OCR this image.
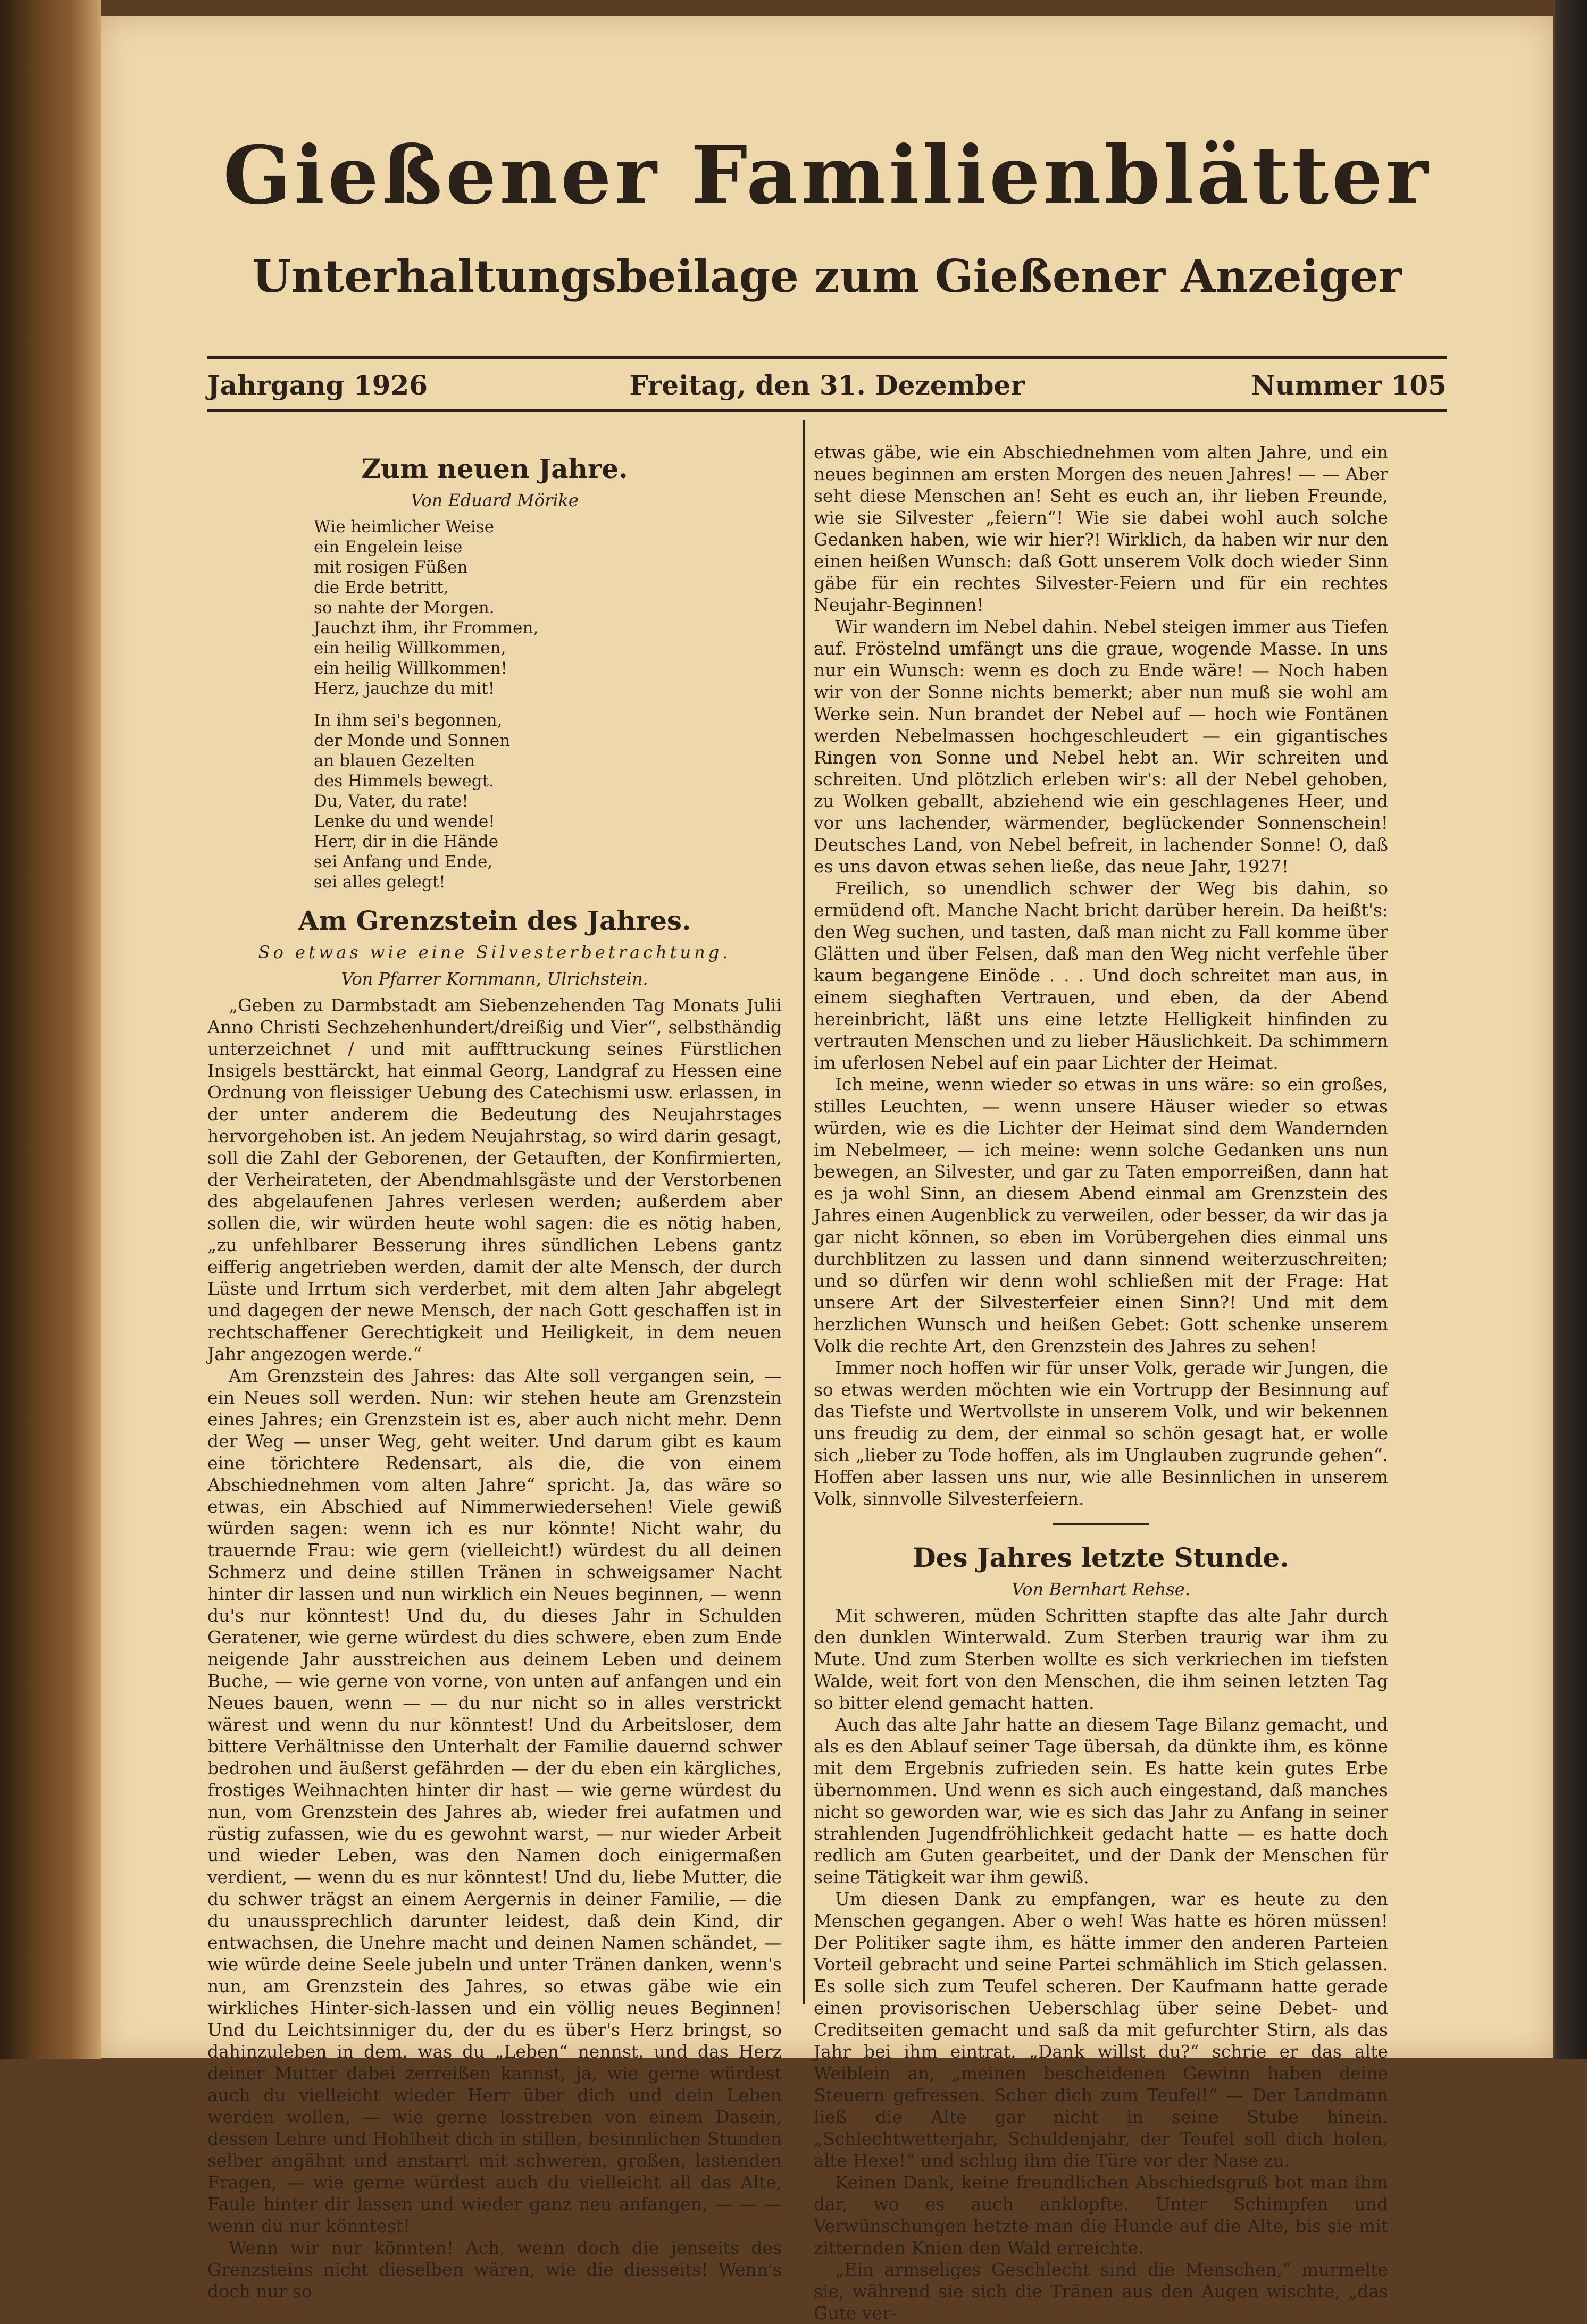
Gießener Familienblätter
Unterhaltungsbeilage zum Gießener Anzeiger
Freitag, den 31. Dezember
Jahrgang 1926	Nummer 105
Zum neuen Jahre.
Von Eduard Mörike
Wie heimlicher Weise
ein Engelein leise
mit rosigen Füßen
die Erde betritt,
so nahte der Morgen.
Jauchzt ihm, ihr Frommen,
ein heilig Willkommen,
ein heilig Willkommen!
Herz, jauchze du mit!
In ihm sei's begonnen,
der Monde und Sonnen
an blauen Gezelten
des Himmels bewegt.
Du, Vater, du rate!
Lenke du und wende!
Herr, dir in die Hände
sei Anfang und Ende,
sei alles gelegt!
Am Grenzstein des Jahres.
So etwas wie eine Silvesterbetrachtung.
Von Pfarrer Kornmann, Ulrichstein.

„Geben zu Darmbstadt am Siebenzehenden Tag Monats Julii Anno Christi Sechzehenhundert/dreißig und Vier“, selbsthändig unterzeichnet / und mit auffttruckung seines Fürstlichen Insigels besttärckt, hat einmal Georg, Landgraf zu Hessen eine Ordnung von fleissiger Uebung des Catechismi usw. erlassen, in der unter anderem die Bedeutung des Neujahrstages hervorgehoben ist. An jedem Neujahrstag, so wird darin gesagt, soll die Zahl der Geborenen, der Getauften, der Konfirmierten, der Verheirateten, der Abendmahlsgäste und der Verstorbenen des abgelaufenen Jahres verlesen werden; außerdem aber sollen die, wir würden heute wohl sagen: die es nötig haben, „zu unfehlbarer Besserung ihres sündlichen Lebens gantz eifferig angetrieben werden, damit der alte Mensch, der durch Lüste und Irrtum sich verderbet, mit dem alten Jahr abgelegt und dagegen der newe Mensch, der nach Gott geschaffen ist in rechtschaffener Gerechtigkeit und Heiligkeit, in dem neuen Jahr angezogen werde.“

Am Grenzstein des Jahres: das Alte soll vergangen sein, — ein Neues soll werden. Nun: wir stehen heute am Grenzstein eines Jahres; ein Grenzstein ist es, aber auch nicht mehr. Denn der Weg — unser Weg, geht weiter. Und darum gibt es kaum eine törichtere Redensart, als die, die von einem Abschiednehmen vom alten Jahre“ spricht. Ja, das wäre so etwas, ein Abschied auf Nimmerwiedersehen! Viele gewiß würden sagen: wenn ich es nur könnte! Nicht wahr, du trauernde Frau: wie gern (vielleicht!) würdest du all deinen Schmerz und deine stillen Tränen in schweigsamer Nacht hinter dir lassen und nun wirklich ein Neues beginnen, — wenn du's nur könntest! Und du, du dieses Jahr in Schulden Geratener, wie gerne würdest du dies schwere, eben zum Ende neigende Jahr ausstreichen aus deinem Leben und deinem Buche, — wie gerne von vorne, von unten auf anfangen und ein Neues bauen, wenn — — du nur nicht so in alles verstrickt wärest und wenn du nur könntest! Und du Arbeitsloser, dem bittere Verhältnisse den Unterhalt der Familie dauernd schwer bedrohen und äußerst gefährden — der du eben ein kärgliches, frostiges Weihnachten hinter dir hast — wie gerne würdest du nun, vom Grenzstein des Jahres ab, wieder frei aufatmen und rüstig zufassen, wie du es gewohnt warst, — nur wieder Arbeit und wieder Leben, was den Namen doch einigermaßen verdient, — wenn du es nur könntest! Und du, liebe Mutter, die du schwer trägst an einem Aergernis in deiner Familie, — die du unaussprechlich darunter leidest, daß dein Kind, dir entwachsen, die Unehre macht und deinen Namen schändet, — wie würde deine Seele jubeln und unter Tränen danken, wenn's nun, am Grenzstein des Jahres, so etwas gäbe wie ein wirkliches Hinter-sich-lassen und ein völlig neues Beginnen! Und du Leichtsinniger du, der du es über's Herz bringst, so dahinzuleben in dem, was du „Leben“ nennst, und das Herz deiner Mutter dabei zerreißen kannst, ja, wie gerne würdest auch du vielleicht wieder Herr über dich und dein Leben werden wollen, — wie gerne losstreben von einem Dasein, dessen Lehre und Hohlheit dich in stillen, besinnlichen Stunden selber angähnt und anstarrt mit schweren, großen, lastenden Fragen, — wie gerne würdest auch du vielleicht all das Alte, Faule hinter dir lassen und wieder ganz neu anfangen, — — — wenn du nur könntest!

Wenn wir nur könnten! Ach, wenn doch die jenseits des Grenzsteins nicht dieselben wären, wie die diesseits! Wenn's doch nur so

etwas gäbe, wie ein Abschiednehmen vom alten Jahre, und ein neues beginnen am ersten Morgen des neuen Jahres! — — Aber seht diese Menschen an! Seht es euch an, ihr lieben Freunde, wie sie Silvester „feiern“! Wie sie dabei wohl auch solche Gedanken haben, wie wir hier?! Wirklich, da haben wir nur den einen heißen Wunsch: daß Gott unserem Volk doch wieder Sinn gäbe für ein rechtes Silvester-Feiern und für ein rechtes Neujahr-Beginnen!

Wir wandern im Nebel dahin. Nebel steigen immer aus Tiefen auf. Fröstelnd umfängt uns die graue, wogende Masse. In uns nur ein Wunsch: wenn es doch zu Ende wäre! — Noch haben wir von der Sonne nichts bemerkt; aber nun muß sie wohl am Werke sein. Nun brandet der Nebel auf — hoch wie Fontänen werden Nebelmassen hochgeschleudert — ein gigantisches Ringen von Sonne und Nebel hebt an. Wir schreiten und schreiten. Und plötzlich erleben wir's: all der Nebel gehoben, zu Wolken geballt, abziehend wie ein geschlagenes Heer, und vor uns lachender, wärmender, beglückender Sonnenschein! Deutsches Land, von Nebel befreit, in lachender Sonne! O, daß es uns davon etwas sehen ließe, das neue Jahr, 1927!

Freilich, so unendlich schwer der Weg bis dahin, so ermüdend oft. Manche Nacht bricht darüber herein. Da heißt's: den Weg suchen, und tasten, daß man nicht zu Fall komme über Glätten und über Felsen, daß man den Weg nicht verfehle über kaum begangene Einöde . . . Und doch schreitet man aus, in einem sieghaften Vertrauen, und eben, da der Abend hereinbricht, läßt uns eine letzte Helligkeit hinfinden zu vertrauten Menschen und zu lieber Häuslichkeit. Da schimmern im uferlosen Nebel auf ein paar Lichter der Heimat.

Ich meine, wenn wieder so etwas in uns wäre: so ein großes, stilles Leuchten, — wenn unsere Häuser wieder so etwas würden, wie es die Lichter der Heimat sind dem Wandernden im Nebelmeer, — ich meine: wenn solche Gedanken uns nun bewegen, an Silvester, und gar zu Taten emporreißen, dann hat es ja wohl Sinn, an diesem Abend einmal am Grenzstein des Jahres einen Augenblick zu verweilen, oder besser, da wir das ja gar nicht können, so eben im Vorübergehen dies einmal uns durchblitzen zu lassen und dann sinnend weiterzuschreiten; und so dürfen wir denn wohl schließen mit der Frage: Hat unsere Art der Silvesterfeier einen Sinn?! Und mit dem herzlichen Wunsch und heißen Gebet: Gott schenke unserem Volk die rechte Art, den Grenzstein des Jahres zu sehen!

Immer noch hoffen wir für unser Volk, gerade wir Jungen, die so etwas werden möchten wie ein Vortrupp der Besinnung auf das Tiefste und Wertvollste in unserem Volk, und wir bekennen uns freudig zu dem, der einmal so schön gesagt hat, er wolle sich „lieber zu Tode hoffen, als im Unglauben zugrunde gehen“. Hoffen aber lassen uns nur, wie alle Besinnlichen in unserem Volk, sinnvolle Silvesterfeiern.

Des Jahres letzte Stunde.
Von Bernhart Rehse.

Mit schweren, müden Schritten stapfte das alte Jahr durch den dunklen Winterwald. Zum Sterben traurig war ihm zu Mute. Und zum Sterben wollte es sich verkriechen im tiefsten Walde, weit fort von den Menschen, die ihm seinen letzten Tag so bitter elend gemacht hatten.

Auch das alte Jahr hatte an diesem Tage Bilanz gemacht, und als es den Ablauf seiner Tage übersah, da dünkte ihm, es könne mit dem Ergebnis zufrieden sein. Es hatte kein gutes Erbe übernommen. Und wenn es sich auch eingestand, daß manches nicht so geworden war, wie es sich das Jahr zu Anfang in seiner strahlenden Jugendfröhlichkeit gedacht hatte — es hatte doch redlich am Guten gearbeitet, und der Dank der Menschen für seine Tätigkeit war ihm gewiß.

Um diesen Dank zu empfangen, war es heute zu den Menschen gegangen. Aber o weh! Was hatte es hören müssen! Der Politiker sagte ihm, es hätte immer den anderen Parteien Vorteil gebracht und seine Partei schmählich im Stich gelassen. Es solle sich zum Teufel scheren. Der Kaufmann hatte gerade einen provisorischen Ueberschlag über seine Debet- und Creditseiten gemacht und saß da mit gefurchter Stirn, als das Jahr bei ihm eintrat. „Dank willst du?“ schrie er das alte Weiblein an, „meinen bescheidenen Gewinn haben deine Steuern gefressen. Scher dich zum Teufel!“ — Der Landmann ließ die Alte gar nicht in seine Stube hinein. „Schlechtwetterjahr, Schuldenjahr, der Teufel soll dich holen, alte Hexe!“ und schlug ihm die Türe vor der Nase zu.

Keinen Dank, keine freundlichen Abschiedsgruß bot man ihm dar, wo es auch anklopfte. Unter Schimpfen und Verwünschungen hetzte man die Hunde auf die Alte, bis sie mit zitternden Knien den Wald erreichte.

„Ein armseliges Geschlecht sind die Menschen,“ murmelte sie, während sie sich die Tränen aus den Augen wischte, „das Gute ver-
